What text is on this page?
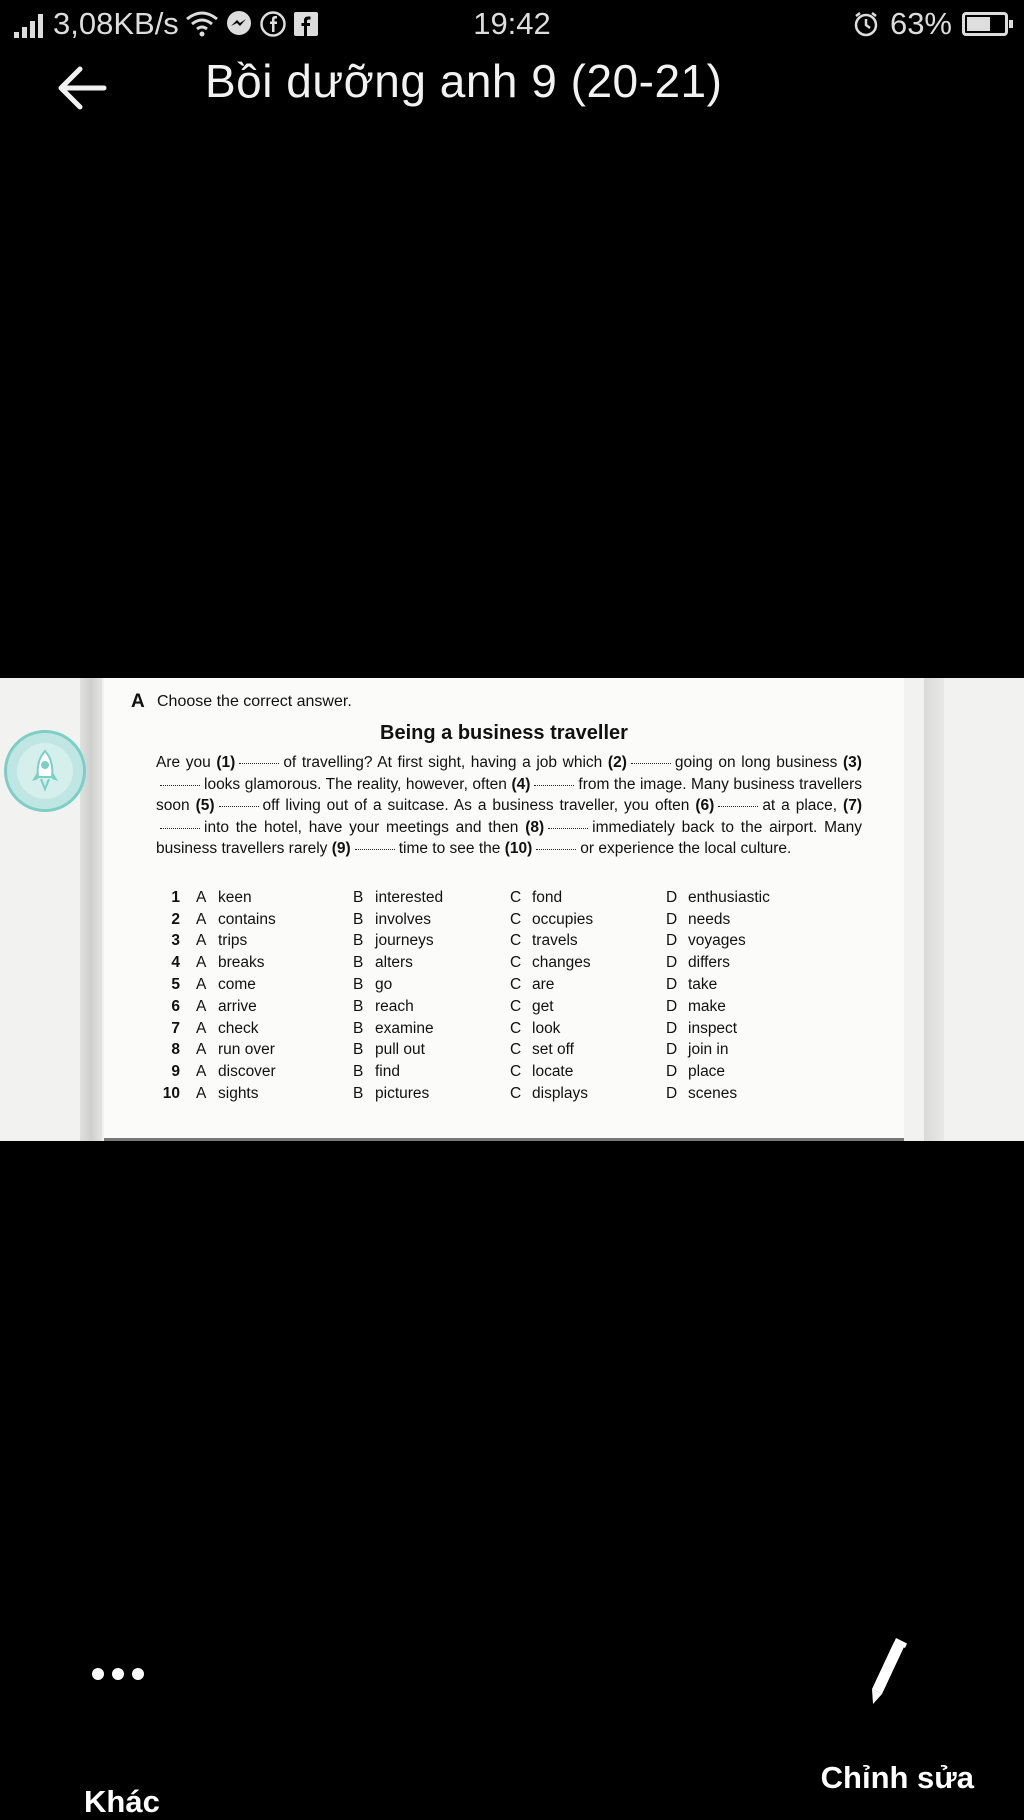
3,08KB/s	19:42	63%
Bồi dưỡng anh 9 (20-21)
A Choose the correct answer.
Being a business traveller
Are you (1)	of travelling? At first sight, having a job which (2)	going on long business (3)looks glamorous. The reality, however, often (4)	from the image. Many business travellers soon (5)	off living out of a suitcase. As a business traveller, you often (6)	at a place, (7)into the hotel, have your meetings and then (8)	immediately back to the airport. Many business travellers rarely (9)	time to see the (10)	or experience the local culture.
1 A keen	B interested	C fond	D enthusiastic
2 A contains	B involves	C occupies	D needs
3 A trips	B journeys	C travels	D voyages
4 A breaks	B alters	C changes	D differs
5 A come	B go	C are	D take
6 A arrive	B reach	C get	D make
7 A check	B examine	C look	D inspect
8 A run over	B pull out	C set off	D join in
9 A discover	B find	C locate	D place
10 A sights	B pictures	C displays	D scenes
Khác
Chỉnh sửa
